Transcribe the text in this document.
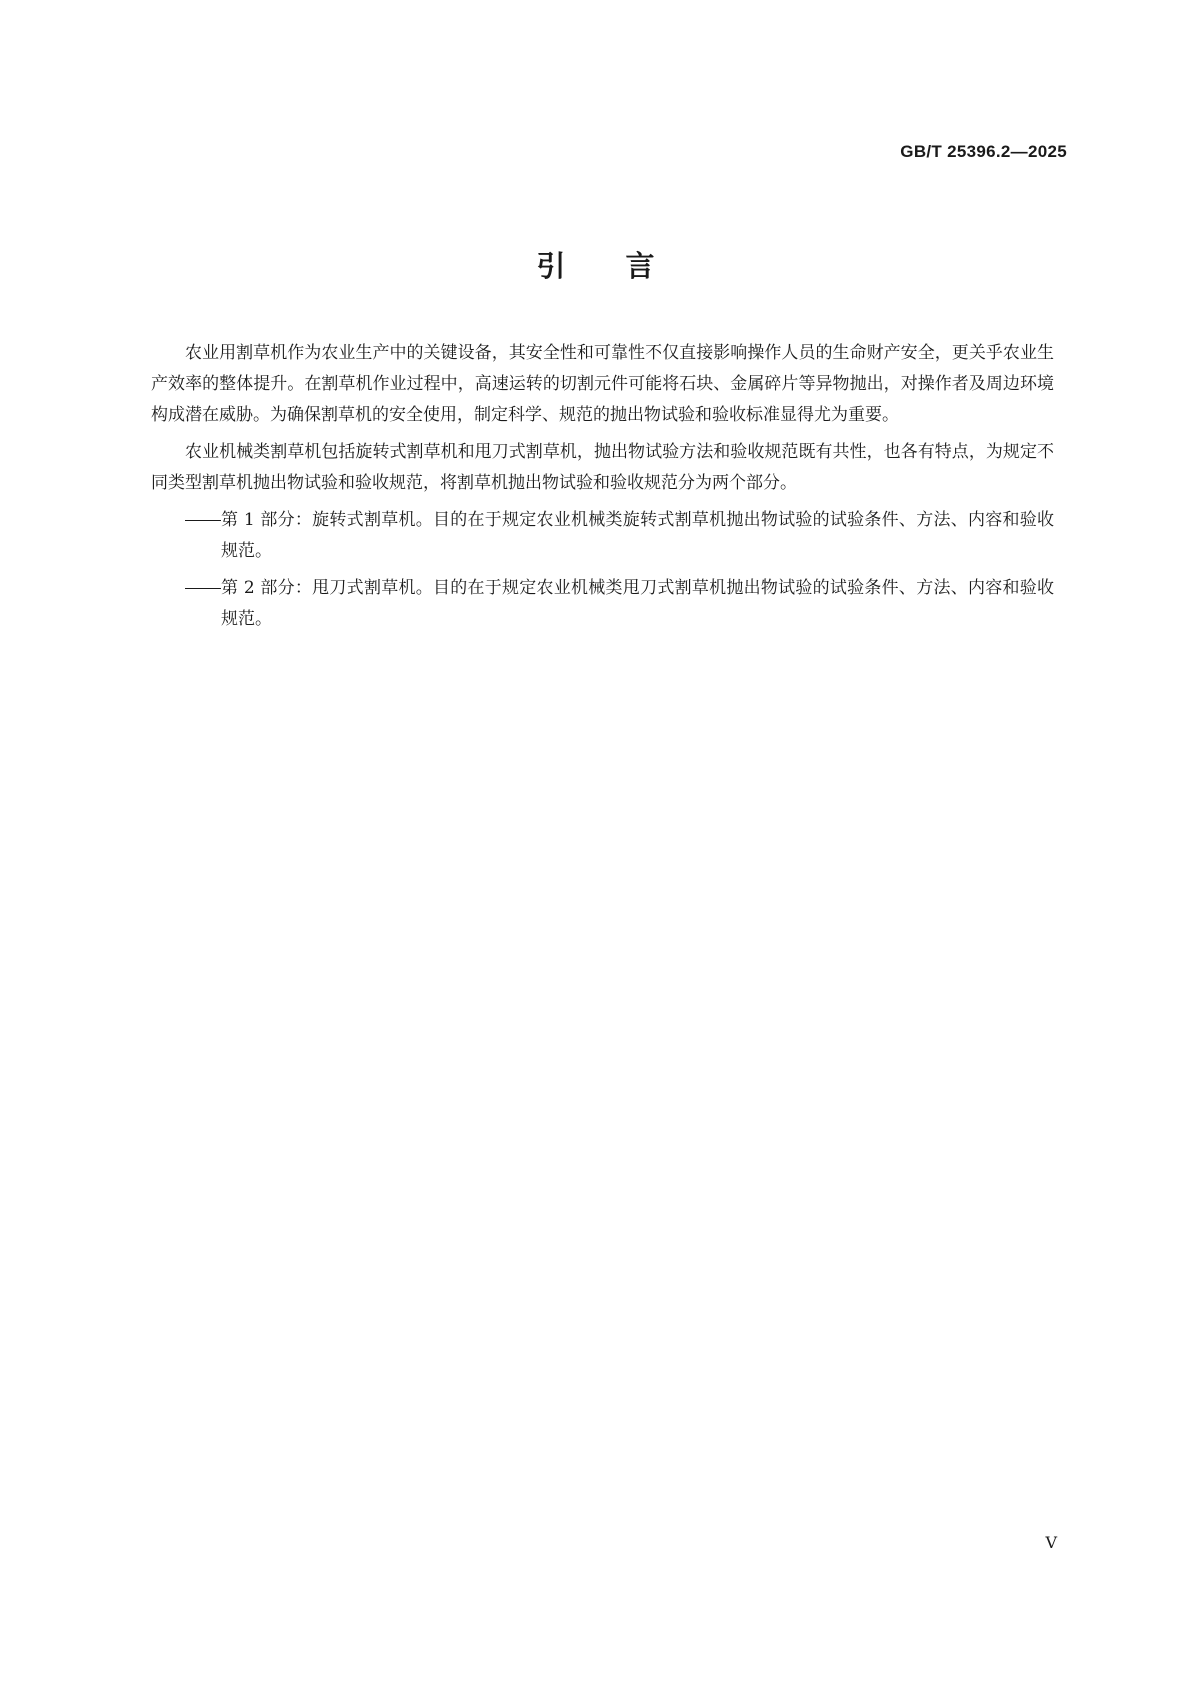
GB/T 25396.2—2025
引言

农业用割草机作为农业生产中的关键设备，其安全性和可靠性不仅直接影响操作人员的生命财产安全，更关乎农业生产效率的整体提升。在割草机作业过程中，高速运转的切割元件可能将石块、金属碎片等异物抛出，对操作者及周边环境构成潜在威胁。为确保割草机的安全使用，制定科学、规范的抛出物试验和验收标准显得尤为重要。

农业机械类割草机包括旋转式割草机和甩刀式割草机，抛出物试验方法和验收规范既有共性，也各有特点，为规定不同类型割草机抛出物试验和验收规范，将割草机抛出物试验和验收规范分为两个部分。

第 1 部分：旋转式割草机。目的在于规定农业机械类旋转式割草机抛出物试验的试验条件、方法、内容和验收规范。
第 2 部分：甩刀式割草机。目的在于规定农业机械类甩刀式割草机抛出物试验的试验条件、方法、内容和验收规范。
V
